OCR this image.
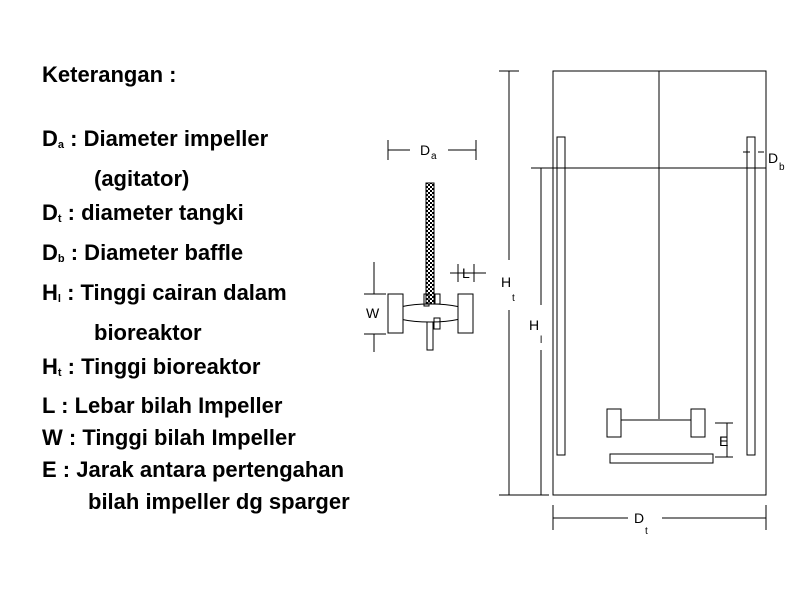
Keterangan :
$D_a$ : Diameter impeller
(agitator)
$D_t$ : diameter tangki
$D_b$ : Diameter baffle
$H_l$ : Tinggi cairan dalam
bioreaktor
$H_t$ : Tinggi bioreaktor
L : Lebar bilah Impeller
W : Tinggi bilah Impeller
E : Jarak antara pertengahan
bilah impeller dg sparger
D a
L
W
H
t
H
l
D
b
D
t
E
